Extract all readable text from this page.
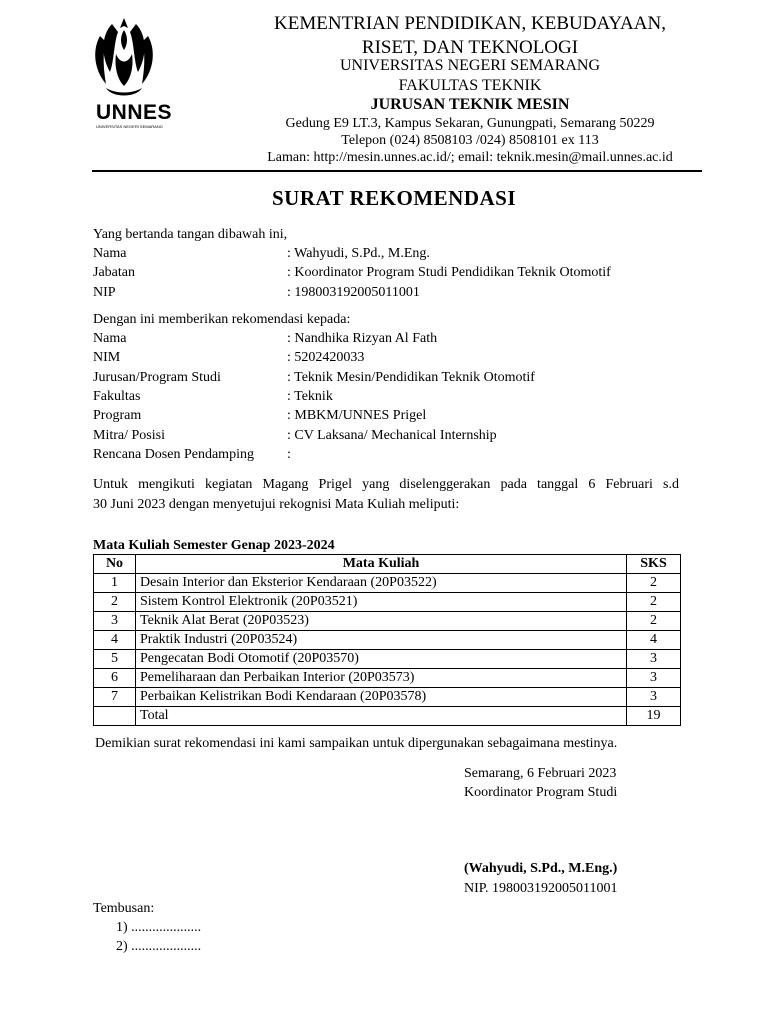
UNNES
UNIVERSITAS NEGERI SEMARANG
KEMENTRIAN PENDIDIKAN, KEBUDAYAAN,
RISET, DAN TEKNOLOGI
UNIVERSITAS NEGERI SEMARANG
FAKULTAS TEKNIK
JURUSAN TEKNIK MESIN
Gedung E9 LT.3, Kampus Sekaran, Gunungpati, Semarang 50229
Telepon (024) 8508103 /024) 8508101 ex 113
Laman: http://mesin.unnes.ac.id/; email: teknik.mesin@mail.unnes.ac.id
SURAT REKOMENDASI
Yang bertanda tangan dibawah ini,
Nama	: Wahyudi, S.Pd., M.Eng.
Jabatan	: Koordinator Program Studi Pendidikan Teknik Otomotif
NIP	: 198003192005011001
Dengan ini memberikan rekomendasi kepada:
Nama	: Nandhika Rizyan Al Fath
NIM	: 5202420033
Jurusan/Program Studi	: Teknik Mesin/Pendidikan Teknik Otomotif
Fakultas	: Teknik
Program	: MBKM/UNNES Prigel
Mitra/ Posisi	: CV Laksana/ Mechanical Internship
Rencana Dosen Pendamping :
Untuk mengikuti kegiatan Magang Prigel yang diselenggerakan pada tanggal 6 Februari s.d
30 Juni 2023 dengan menyetujui rekognisi Mata Kuliah meliputi:
Mata Kuliah Semester Genap 2023-2024
No	Mata Kuliah	SKS
1	Desain Interior dan Eksterior Kendaraan (20P03522)	2
2	Sistem Kontrol Elektronik (20P03521)	2
3	Teknik Alat Berat (20P03523)	2
4	Praktik Industri (20P03524)	4
5	Pengecatan Bodi Otomotif (20P03570)	3
6	Pemeliharaan dan Perbaikan Interior (20P03573)	3
7	Perbaikan Kelistrikan Bodi Kendaraan (20P03578)	3
	Total	19
Demikian surat rekomendasi ini kami sampaikan untuk dipergunakan sebagaimana mestinya.
Semarang, 6 Februari 2023
Koordinator Program Studi
(Wahyudi, S.Pd., M.Eng.)
NIP. 198003192005011001
Tembusan:
1) ....................
2) ....................
